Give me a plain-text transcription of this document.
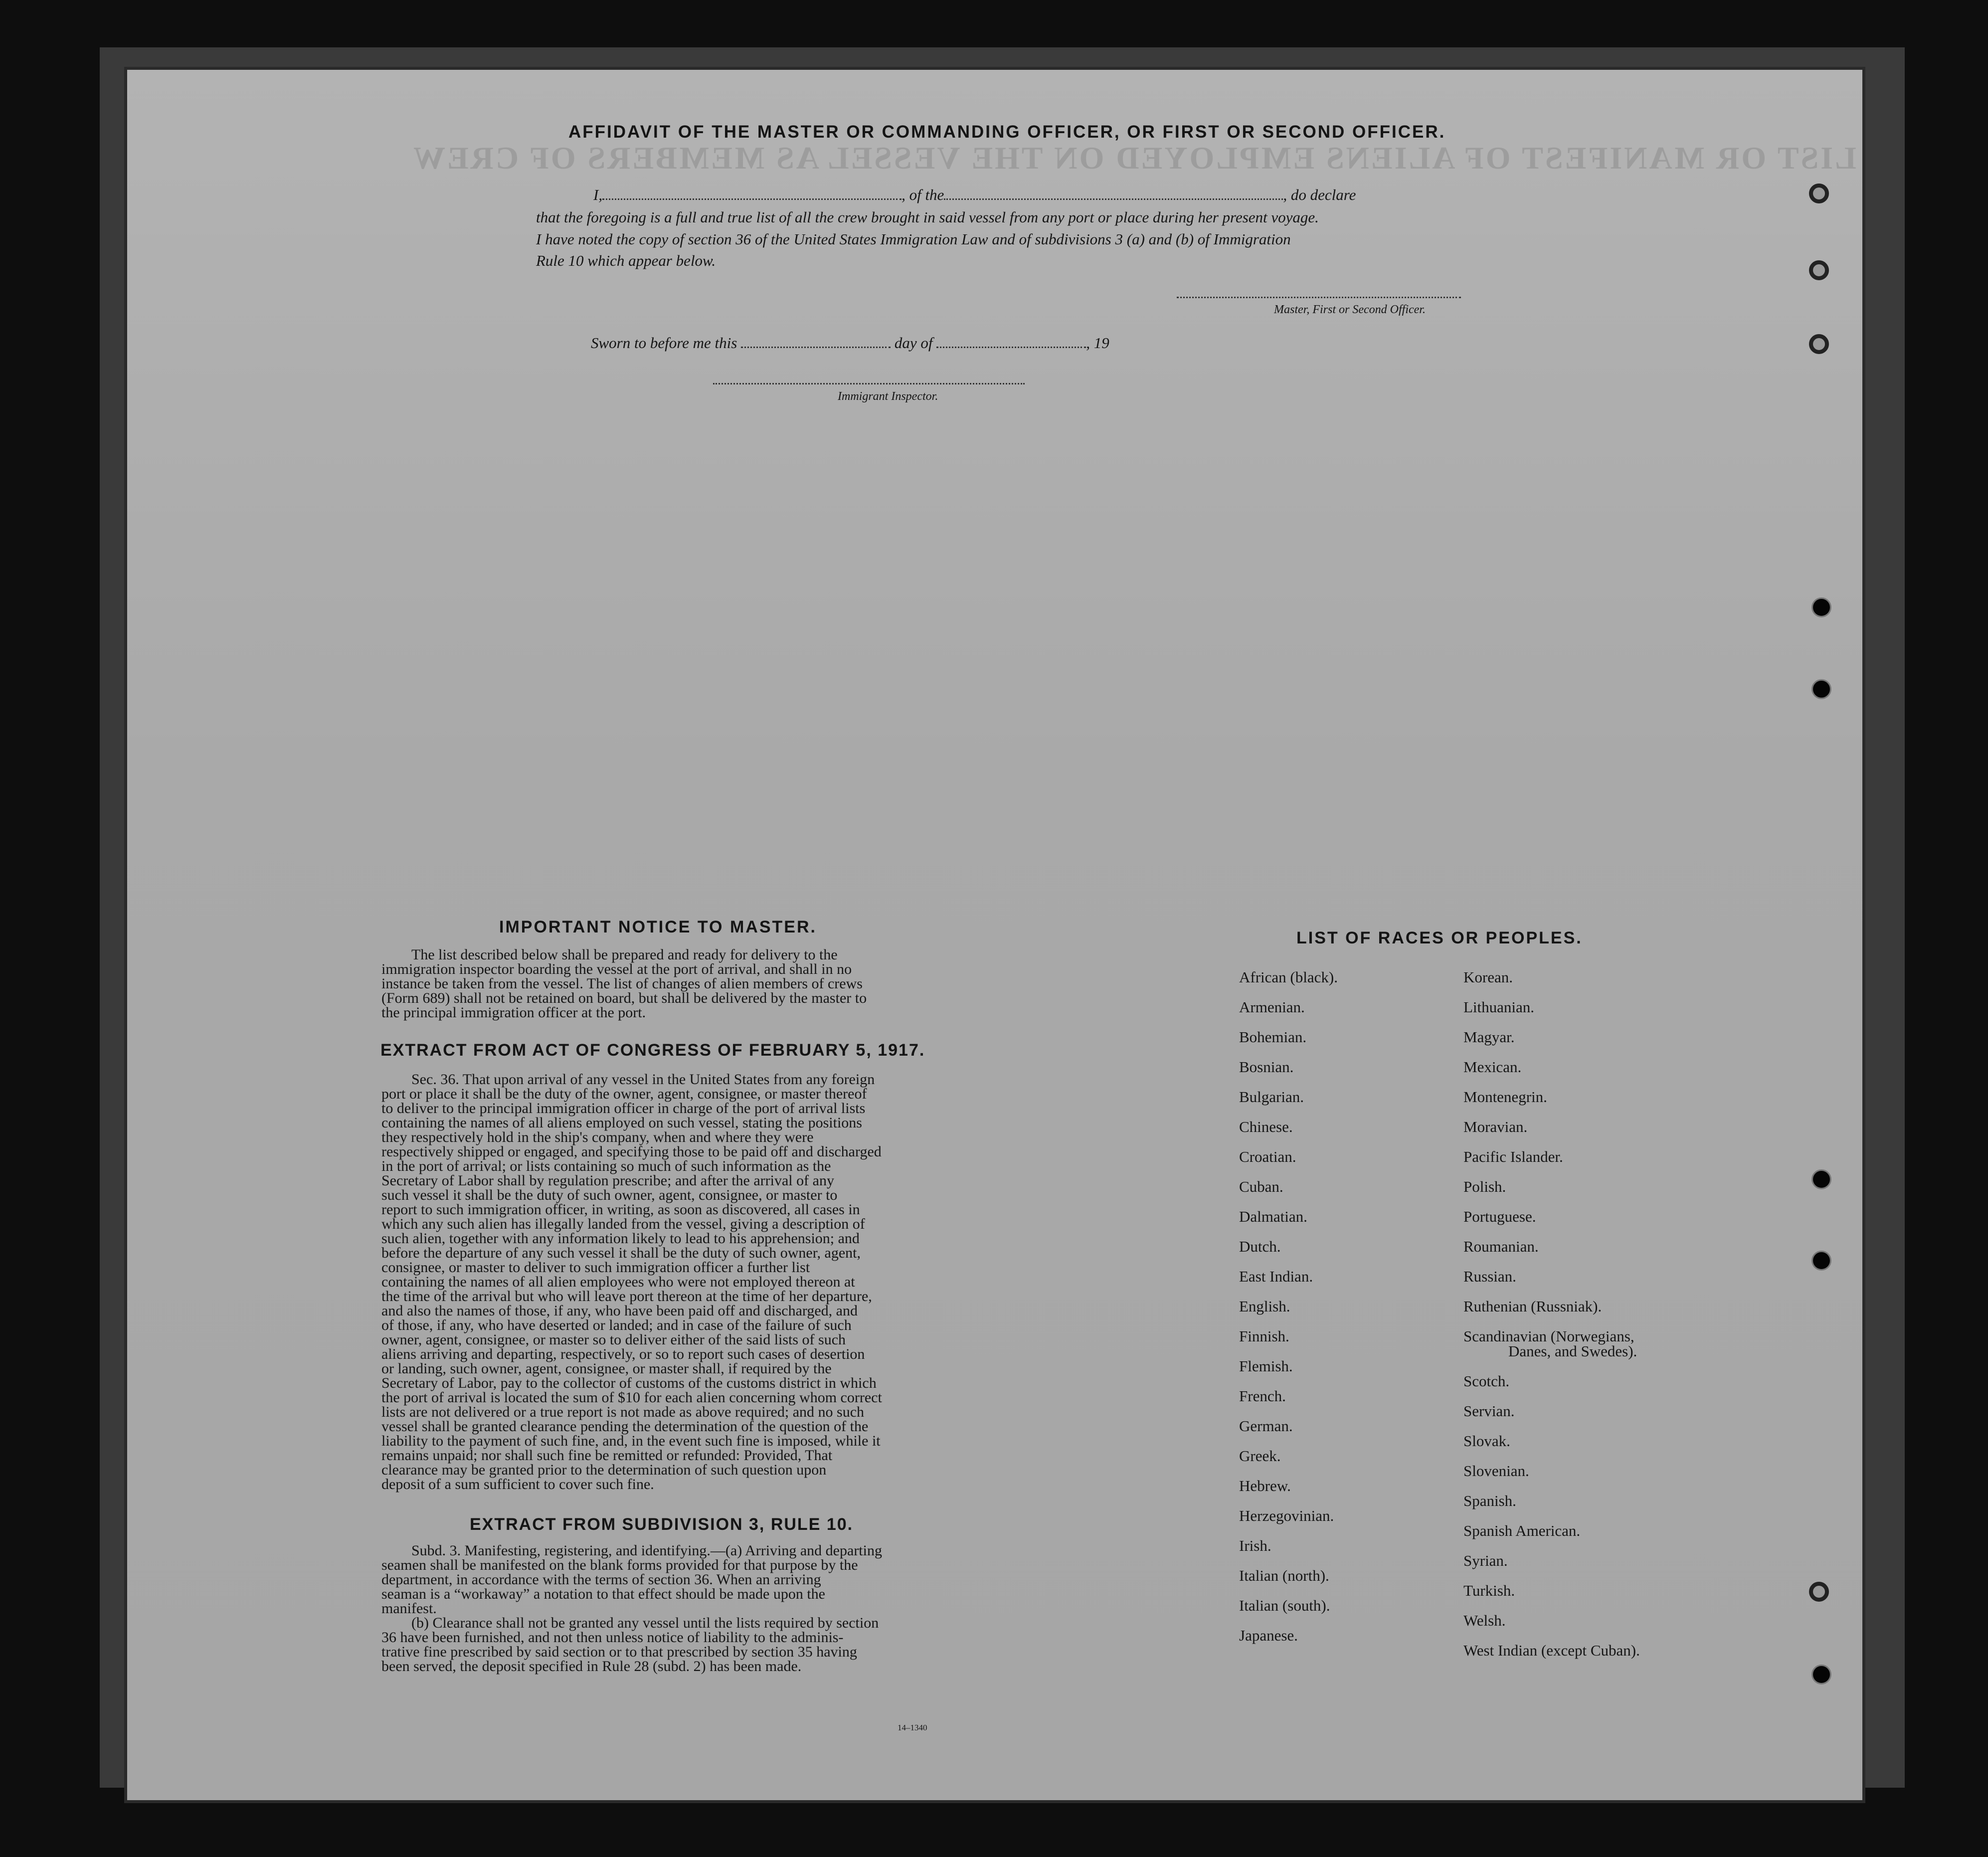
LIST OR MANIFEST OF ALIENS EMPLOYED ON THE VESSEL AS MEMBERS OF CREW
AFFIDAVIT OF THE MASTER OR COMMANDING OFFICER, OR FIRST OR SECOND OFFICER.
I,	, of the	, do declare
that the foregoing is a full and true list of all the crew brought in said vessel from any port or place during her present voyage.
I have noted the copy of section 36 of the United States Immigration Law and of subdivisions 3 (a) and (b) of Immigration
Rule 10 which appear below.
Master, First or Second Officer.
Sworn to before me this	day of	, 19
Immigrant Inspector.
IMPORTANT NOTICE TO MASTER.
The list described below shall be prepared and ready for delivery to the
immigration inspector boarding the vessel at the port of arrival, and shall in no
instance be taken from the vessel. The list of changes of alien members of crews
(Form 689) shall not be retained on board, but shall be delivered by the master to
the principal immigration officer at the port.
EXTRACT FROM ACT OF CONGRESS OF FEBRUARY 5, 1917.
Sec. 36. That upon arrival of any vessel in the United States from any foreign
port or place it shall be the duty of the owner, agent, consignee, or master thereof
to deliver to the principal immigration officer in charge of the port of arrival lists
containing the names of all aliens employed on such vessel, stating the positions
they respectively hold in the ship's company, when and where they were
respectively shipped or engaged, and specifying those to be paid off and discharged
in the port of arrival; or lists containing so much of such information as the
Secretary of Labor shall by regulation prescribe; and after the arrival of any
such vessel it shall be the duty of such owner, agent, consignee, or master to
report to such immigration officer, in writing, as soon as discovered, all cases in
which any such alien has illegally landed from the vessel, giving a description of
such alien, together with any information likely to lead to his apprehension; and
before the departure of any such vessel it shall be the duty of such owner, agent,
consignee, or master to deliver to such immigration officer a further list
containing the names of all alien employees who were not employed thereon at
the time of the arrival but who will leave port thereon at the time of her departure,
and also the names of those, if any, who have been paid off and discharged, and
of those, if any, who have deserted or landed; and in case of the failure of such
owner, agent, consignee, or master so to deliver either of the said lists of such
aliens arriving and departing, respectively, or so to report such cases of desertion
or landing, such owner, agent, consignee, or master shall, if required by the
Secretary of Labor, pay to the collector of customs of the customs district in which
the port of arrival is located the sum of $10 for each alien concerning whom correct
lists are not delivered or a true report is not made as above required; and no such
vessel shall be granted clearance pending the determination of the question of the
liability to the payment of such fine, and, in the event such fine is imposed, while it
remains unpaid; nor shall such fine be remitted or refunded: Provided, That
clearance may be granted prior to the determination of such question upon
deposit of a sum sufficient to cover such fine.
EXTRACT FROM SUBDIVISION 3, RULE 10.
Subd. 3. Manifesting, registering, and identifying.—(a) Arriving and departing
seamen shall be manifested on the blank forms provided for that purpose by the
department, in accordance with the terms of section 36. When an arriving
seaman is a “workaway” a notation to that effect should be made upon the
manifest.
(b) Clearance shall not be granted any vessel until the lists required by section
36 have been furnished, and not then unless notice of liability to the adminis-
trative fine prescribed by said section or to that prescribed by section 35 having
been served, the deposit specified in Rule 28 (subd. 2) has been made.
14–1340
LIST OF RACES OR PEOPLES.
African (black).
Armenian.
Bohemian.
Bosnian.
Bulgarian.
Chinese.
Croatian.
Cuban.
Dalmatian.
Dutch.
East Indian.
English.
Finnish.
Flemish.
French.
German.
Greek.
Hebrew.
Herzegovinian.
Irish.
Italian (north).
Italian (south).
Japanese.
Korean.
Lithuanian.
Magyar.
Mexican.
Montenegrin.
Moravian.
Pacific Islander.
Polish.
Portuguese.
Roumanian.
Russian.
Ruthenian (Russniak).
Scandinavian (Norwegians,
Danes, and Swedes).
Scotch.
Servian.
Slovak.
Slovenian.
Spanish.
Spanish American.
Syrian.
Turkish.
Welsh.
West Indian (except Cuban).
